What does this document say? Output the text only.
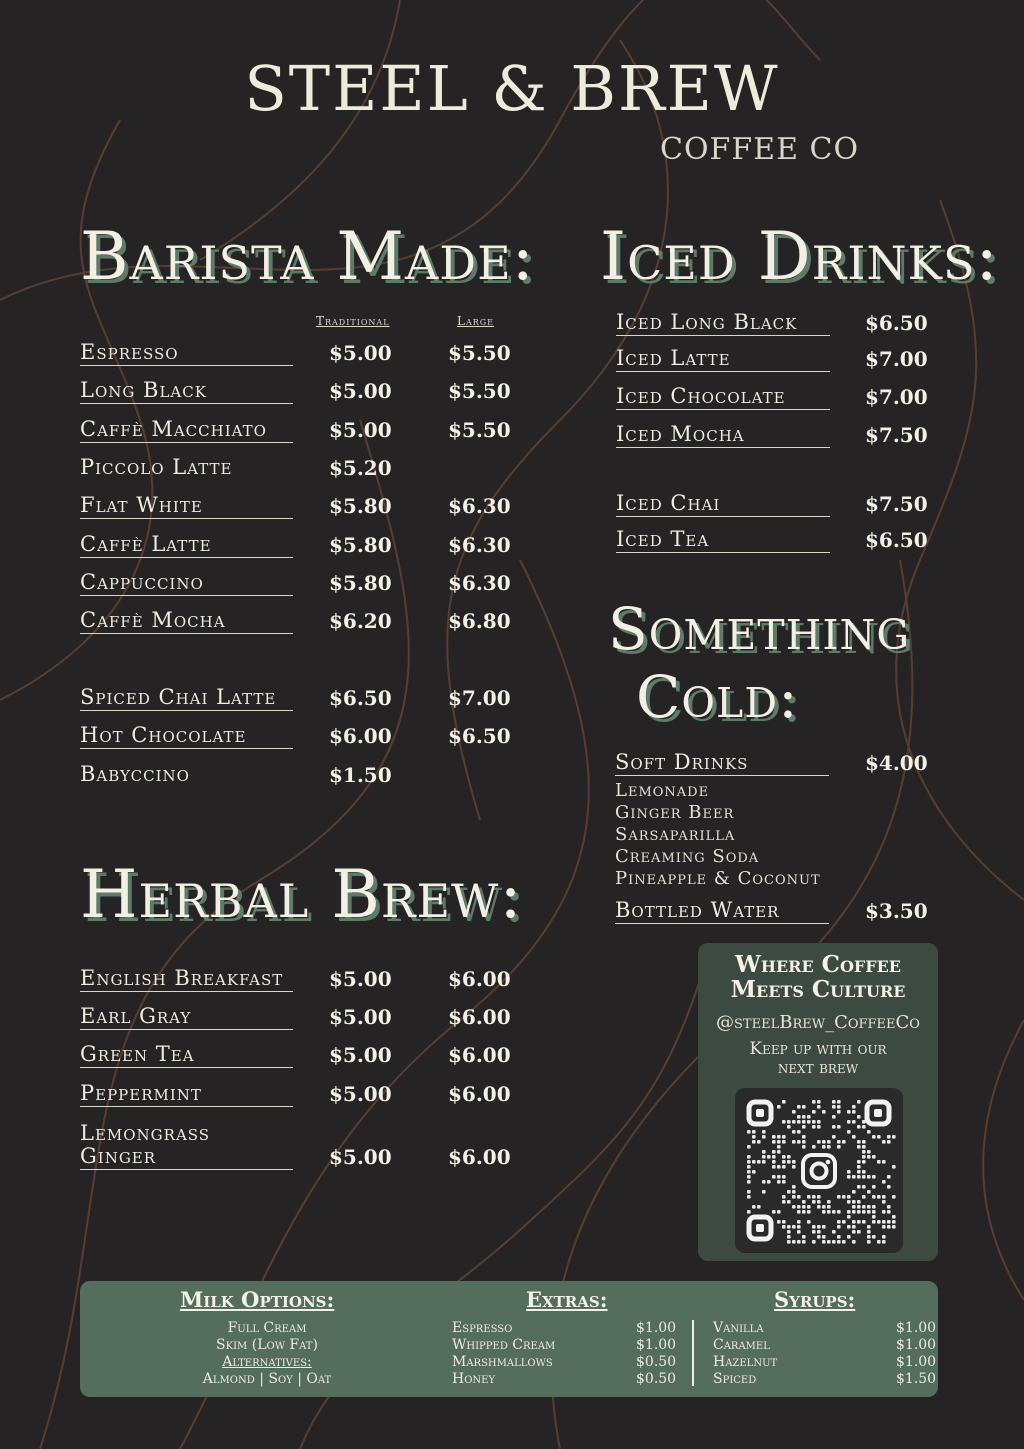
STEEL & BREW
COFFEE CO
Barista Made:
Traditional	Large
Espresso	$5.00	$5.50
Long Black	$5.00	$5.50
Caffè Macchiato	$5.00	$5.50
Piccolo Latte	$5.20
Flat White	$5.80	$6.30
Caffè Latte	$5.80	$6.30
Cappuccino	$5.80	$6.30
Caffè Mocha	$6.20	$6.80
Spiced Chai Latte	$6.50	$7.00
Hot Chocolate	$6.00	$6.50
Babyccino	$1.50
Herbal Brew:
English Breakfast	$5.00	$6.00
Earl Gray	$5.00	$6.00
Green Tea	$5.00	$6.00
Peppermint	$5.00	$6.00
Lemongrass
Ginger	$5.00	$6.00
Iced Drinks:
Iced Long Black	$6.50
Iced Latte	$7.00
Iced Chocolate	$7.00
Iced Mocha	$7.50
Iced Chai	$7.50
Iced Tea	$6.50
Something
Cold:
Soft Drinks	$4.00
Lemonade
Ginger Beer
Sarsaparilla
Creaming Soda
Pineapple & Coconut
Bottled Water	$3.50
Where Coffee
Meets Culture
@steelBrew_CoffeeCo
Keep up with our
next brew
Milk Options:
Full Cream
Skim (Low Fat)
Alternatives:
Almond | Soy | Oat
Extras:
Espresso	$1.00
Whipped Cream	$1.00
Marshmallows	$0.50
Honey	$0.50
Syrups:
Vanilla	$1.00
Caramel	$1.00
Hazelnut	$1.00
Spiced	$1.50
